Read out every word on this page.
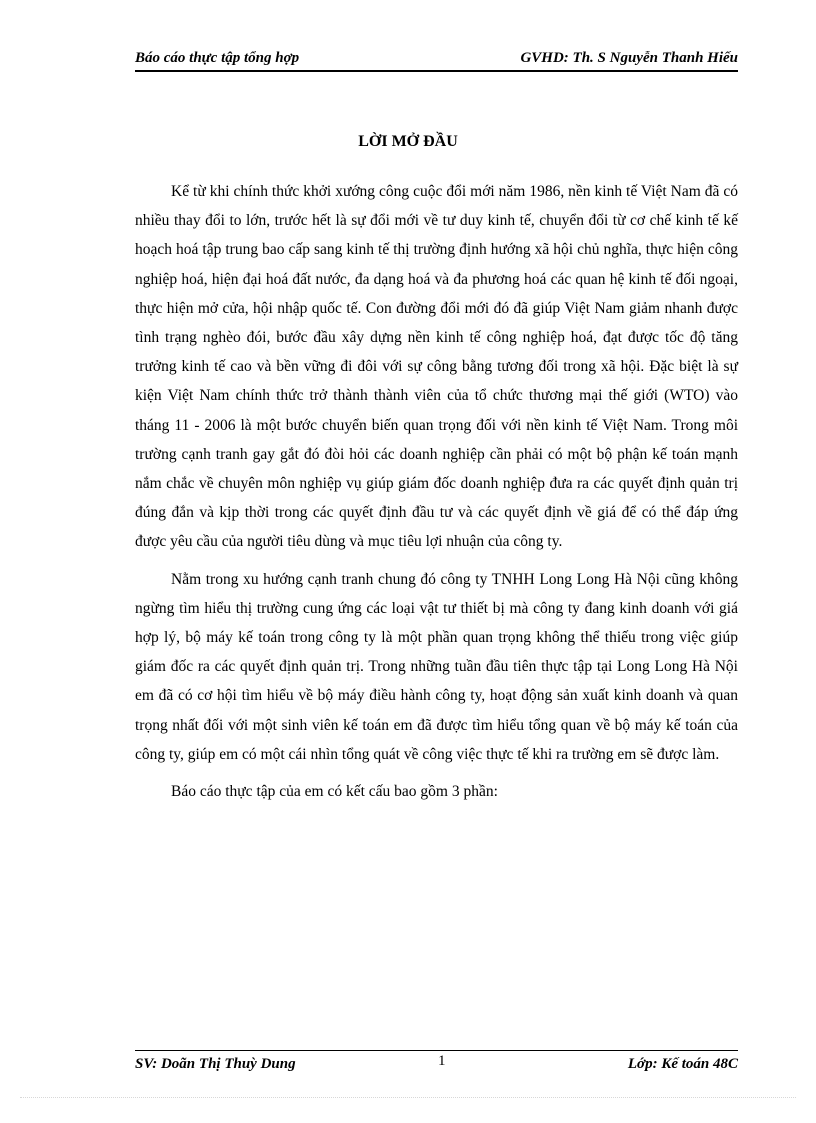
Báo cáo thực tập tổng hợp	GVHD: Th. S Nguyễn Thanh Hiếu
LỜI MỞ ĐẦU

Kể từ khi chính thức khởi xướng công cuộc đổi mới năm 1986, nền kinh tế Việt Nam đã có nhiều thay đổi to lớn, trước hết là sự đổi mới về tư duy kinh tế, chuyển đổi từ cơ chế kinh tế kế hoạch hoá tập trung bao cấp sang kinh tế thị trường định hướng xã hội chủ nghĩa, thực hiện công nghiệp hoá, hiện đại hoá đất nước, đa dạng hoá và đa phương hoá các quan hệ kinh tế đối ngoại, thực hiện mở cửa, hội nhập quốc tế. Con đường đổi mới đó đã giúp Việt Nam giảm nhanh được tình trạng nghèo đói, bước đầu xây dựng nền kinh tế công nghiệp hoá, đạt được tốc độ tăng trưởng kinh tế cao và bền vững đi đôi với sự công bằng tương đối trong xã hội. Đặc biệt là sự kiện Việt Nam chính thức trở thành thành viên của tổ chức thương mại thế giới (WTO) vào tháng 11 - 2006 là một bước chuyển biến quan trọng đối với nền kinh tế Việt Nam. Trong môi trường cạnh tranh gay gắt đó đòi hỏi các doanh nghiệp cần phải có một bộ phận kế toán mạnh nắm chắc về chuyên môn nghiệp vụ giúp giám đốc doanh nghiệp đưa ra các quyết định quản trị đúng đắn và kịp thời trong các quyết định đầu tư và các quyết định về giá để có thể đáp ứng được yêu cầu của người tiêu dùng và mục tiêu lợi nhuận của công ty.

Nằm trong xu hướng cạnh tranh chung đó công ty TNHH Long Long Hà Nội cũng không ngừng tìm hiểu thị trường cung ứng các loại vật tư thiết bị mà công ty đang kinh doanh với giá hợp lý, bộ máy kế toán trong công ty là một phần quan trọng không thể thiếu trong việc giúp giám đốc ra các quyết định quản trị. Trong những tuần đầu tiên thực tập tại Long Long Hà Nội em đã có cơ hội tìm hiểu về bộ máy điều hành công ty, hoạt động sản xuất kinh doanh và quan trọng nhất đối với một sinh viên kế toán em đã được tìm hiểu tổng quan về bộ máy kế toán của công ty, giúp em có một cái nhìn tổng quát về công việc thực tế khi ra trường em sẽ được làm.

Báo cáo thực tập của em có kết cấu bao gồm 3 phần:

SV: Doãn Thị Thuỳ Dung	1	Lớp: Kế toán 48C
